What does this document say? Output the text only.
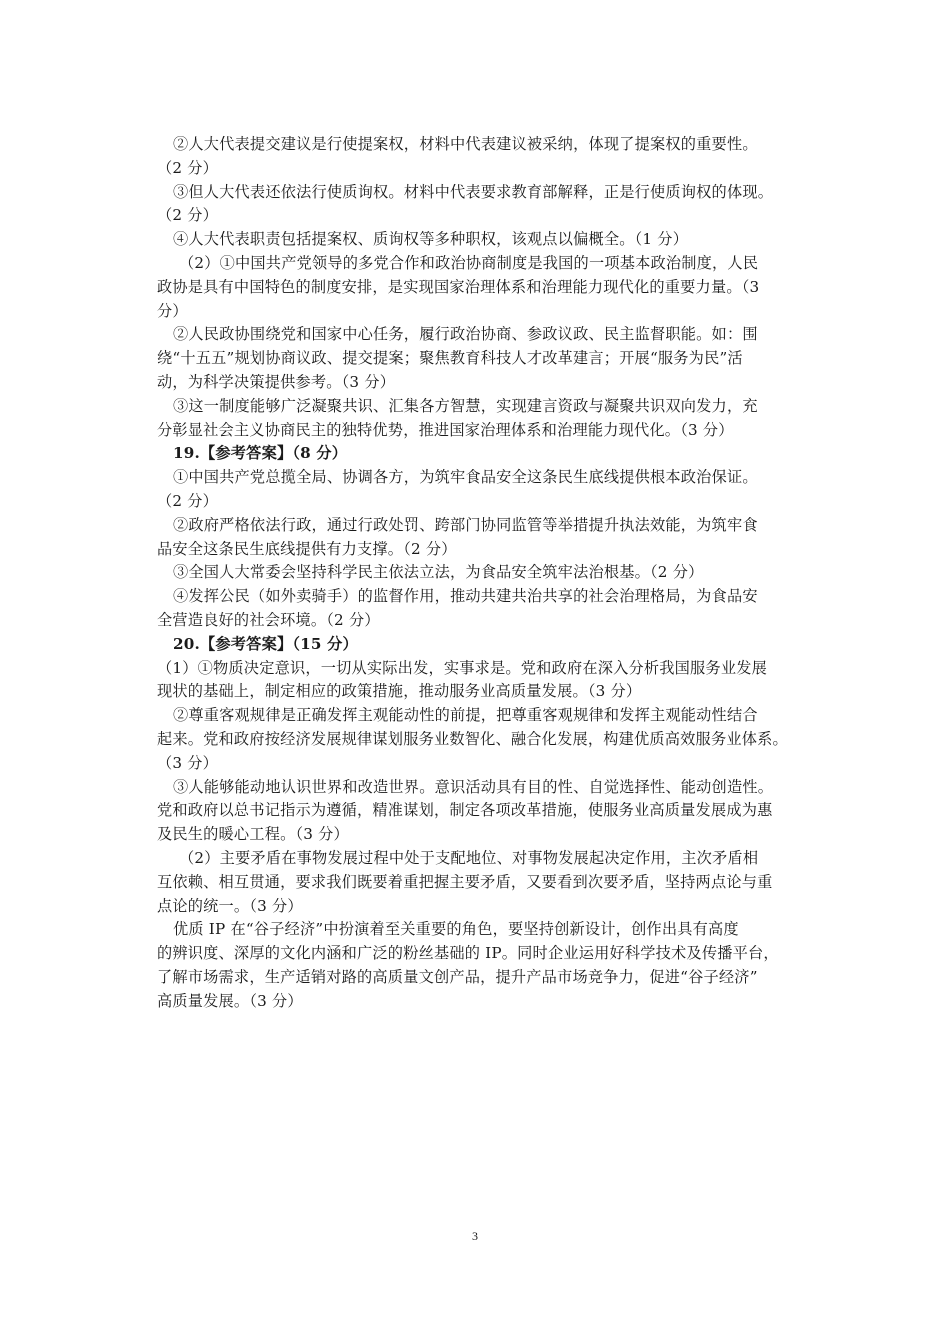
②人大代表提交建议是行使提案权，材料中代表建议被采纳，体现了提案权的重要性。
（2 分）
③但人大代表还依法行使质询权。材料中代表要求教育部解释，正是行使质询权的体现。
（2 分）
④人大代表职责包括提案权、质询权等多种职权，该观点以偏概全。（1 分）
（2）①中国共产党领导的多党合作和政治协商制度是我国的一项基本政治制度，人民
政协是具有中国特色的制度安排，是实现国家治理体系和治理能力现代化的重要力量。（3
分）
②人民政协围绕党和国家中心任务，履行政治协商、参政议政、民主监督职能。如：围
绕“十五五”规划协商议政、提交提案；聚焦教育科技人才改革建言；开展“服务为民”活
动，为科学决策提供参考。（3 分）
③这一制度能够广泛凝聚共识、汇集各方智慧，实现建言资政与凝聚共识双向发力，充
分彰显社会主义协商民主的独特优势，推进国家治理体系和治理能力现代化。（3 分）
19.【参考答案】（8 分）
①中国共产党总揽全局、协调各方，为筑牢食品安全这条民生底线提供根本政治保证。
（2 分）
②政府严格依法行政，通过行政处罚、跨部门协同监管等举措提升执法效能，为筑牢食
品安全这条民生底线提供有力支撑。（2 分）
③全国人大常委会坚持科学民主依法立法，为食品安全筑牢法治根基。（2 分）
④发挥公民（如外卖骑手）的监督作用，推动共建共治共享的社会治理格局，为食品安
全营造良好的社会环境。（2 分）
20.【参考答案】（15 分）
（1）①物质决定意识，一切从实际出发，实事求是。党和政府在深入分析我国服务业发展
现状的基础上，制定相应的政策措施，推动服务业高质量发展。（3 分）
②尊重客观规律是正确发挥主观能动性的前提，把尊重客观规律和发挥主观能动性结合
起来。党和政府按经济发展规律谋划服务业数智化、融合化发展，构建优质高效服务业体系。
（3 分）
③人能够能动地认识世界和改造世界。意识活动具有目的性、自觉选择性、能动创造性。
党和政府以总书记指示为遵循，精准谋划，制定各项改革措施，使服务业高质量发展成为惠
及民生的暖心工程。（3 分）
（2）主要矛盾在事物发展过程中处于支配地位、对事物发展起决定作用，主次矛盾相
互依赖、相互贯通，要求我们既要着重把握主要矛盾，又要看到次要矛盾，坚持两点论与重
点论的统一。（3 分）
优质 IP 在“谷子经济”中扮演着至关重要的角色，要坚持创新设计，创作出具有高度
的辨识度、深厚的文化内涵和广泛的粉丝基础的 IP。同时企业运用好科学技术及传播平台，
了解市场需求，生产适销对路的高质量文创产品，提升产品市场竞争力，促进“谷子经济”
高质量发展。（3 分）
3
